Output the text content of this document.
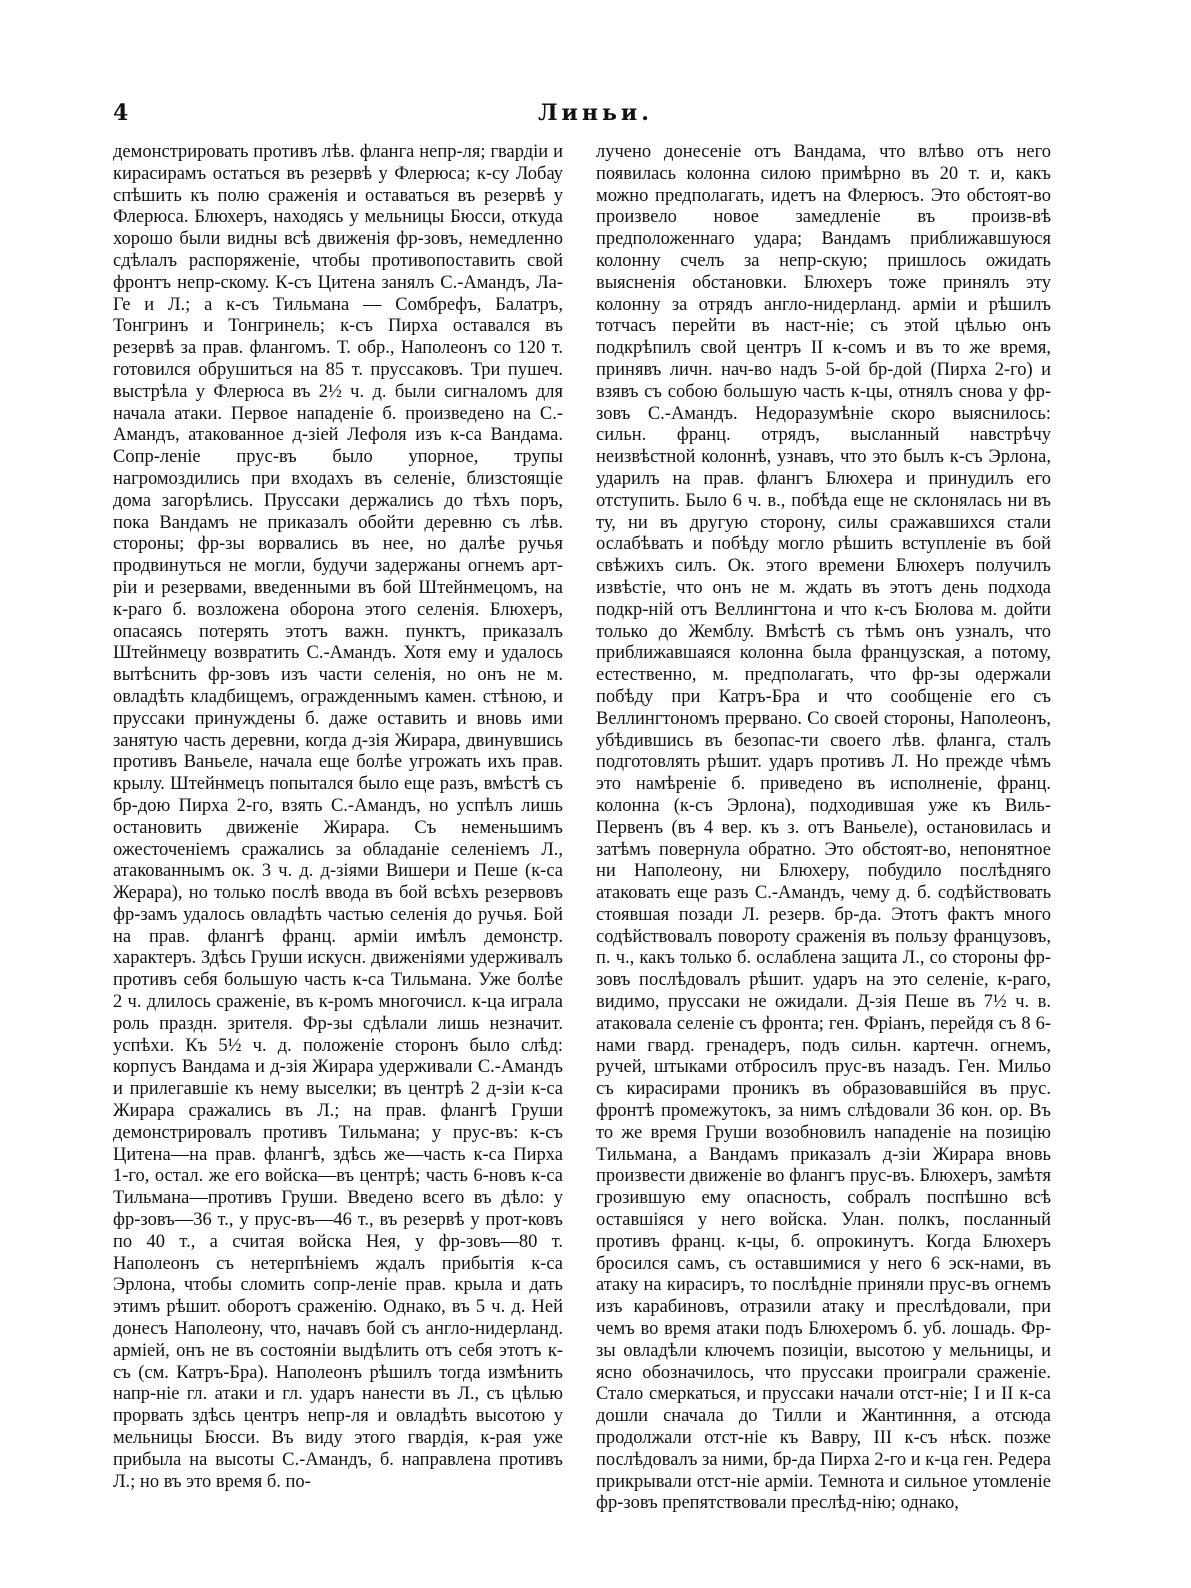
4	Линьи.
демонстрировать противъ лѣв. фланга непр-ля; гвардіи и кирасирамъ остаться въ резервѣ у Флерюса; к-су Лобау спѣшить къ полю сраженія и оставаться въ резервѣ у Флерюса. Блюхеръ, находясь у мельницы Бюсси, откуда хорошо были видны всѣ движенія фр-зовъ, немедленно сдѣлалъ распоряженіе, чтобы противопоставить свой фронтъ непр-скому. К-съ Цитена занялъ С.-Амандъ, Ла-Ге и Л.; а к-съ Тильмана — Сомбрефъ, Балатръ, Тонгринъ и Тонгринель; к-съ Пирха оставался въ резервѣ за прав. флангомъ. Т. обр., Наполеонъ со 120 т. готовился обрушиться на 85 т. пруссаковъ. Три пушеч. выстрѣла у Флерюса въ 2½ ч. д. были сигналомъ для начала атаки. Первое нападеніе б. произведено на С.-Амандъ, атакованное д-зіей Лефоля изъ к-са Вандама. Сопр-леніе прус-въ было упорное, трупы нагромоздились при входахъ въ селеніе, близстоящіе дома загорѣлись. Пруссаки держались до тѣхъ поръ, пока Вандамъ не приказалъ обойти деревню съ лѣв. стороны; фр-зы ворвались въ нее, но далѣе ручья продвинуться не могли, будучи задержаны огнемъ арт-ріи и резервами, введенными въ бой Штейнмецомъ, на к-раго б. возложена оборона этого селенія. Блюхеръ, опасаясь потерять этотъ важн. пунктъ, приказалъ Штейнмецу возвратить С.-Амандъ. Хотя ему и удалось вытѣснить фр-зовъ изъ части селенія, но онъ не м. овладѣть кладбищемъ, огражденнымъ камен. стѣною, и пруссаки принуждены б. даже оставить и вновь ими занятую часть деревни, когда д-зія Жирара, двинувшись противъ Ваньеле, начала еще болѣе угрожать ихъ прав. крылу. Штейнмецъ попытался было еще разъ, вмѣстѣ съ бр-дою Пирха 2-го, взять С.-Амандъ, но успѣлъ лишь остановить движеніе Жирара. Съ неменьшимъ ожесточеніемъ сражались за обладаніе селеніемъ Л., атакованнымъ ок. 3 ч. д. д-зіями Вишери и Пеше (к-са Жерара), но только послѣ ввода въ бой всѣхъ резервовъ фр-замъ удалось овладѣть частью селенія до ручья. Бой на прав. флангѣ франц. арміи имѣлъ демонстр. характеръ. Здѣсь Груши искусн. движеніями удерживалъ противъ себя большую часть к-са Тильмана. Уже болѣе 2 ч. длилось сраженіе, въ к-ромъ многочисл. к-ца играла роль праздн. зрителя. Фр-зы сдѣлали лишь незначит. успѣхи. Къ 5½ ч. д. положеніе сторонъ было слѣд: корпусъ Вандама и д-зія Жирара удерживали С.-Амандъ и прилегавшіе къ нему выселки; въ центрѣ 2 д-зіи к-са Жирара сражались въ Л.; на прав. флангѣ Груши демонстрировалъ противъ Тильмана; у прус-въ: к-съ Цитена—на прав. флангѣ, здѣсь же—часть к-са Пирха 1-го, остал. же его войска—въ центрѣ; часть 6-новъ к-са Тильмана—противъ Груши. Введено всего въ дѣло: у фр-зовъ—36 т., у прус-въ—46 т., въ резервѣ у прот-ковъ по 40 т., а считая войска Нея, у фр-зовъ—80 т. Наполеонъ съ нетерпѣніемъ ждалъ прибытія к-са Эрлона, чтобы сломить сопр-леніе прав. крыла и дать этимъ рѣшит. оборотъ сраженію. Однако, въ 5 ч. д. Ней донесъ Наполеону, что, начавъ бой съ англо-нидерланд. арміей, онъ не въ состояніи выдѣлить отъ себя этотъ к-съ (см. Катръ-Бра). Наполеонъ рѣшилъ тогда измѣнить напр-ніе гл. атаки и гл. ударъ нанести въ Л., съ цѣлью прорвать здѣсь центръ непр-ля и овладѣть высотою у мельницы Бюсси. Въ виду этого гвардія, к-рая уже прибыла на высоты С.-Амандъ, б. направлена противъ Л.; но въ это время б. по-
лучено донесеніе отъ Вандама, что влѣво отъ него появилась колонна силою примѣрно въ 20 т. и, какъ можно предполагать, идетъ на Флерюсъ. Это обстоят-во произвело новое замедленіе въ произв-вѣ предположеннаго удара; Вандамъ приближавшуюся колонну счелъ за непр-скую; пришлось ожидать выясненія обстановки. Блюхеръ тоже принялъ эту колонну за отрядъ англо-нидерланд. арміи и рѣшилъ тотчасъ перейти въ наст-ніе; съ этой цѣлью онъ подкрѣпилъ свой центръ II к-сомъ и въ то же время, принявъ личн. нач-во надъ 5-ой бр-дой (Пирха 2-го) и взявъ съ собою большую часть к-цы, отнялъ снова у фр-зовъ С.-Амандъ. Недоразумѣніе скоро выяснилось: сильн. франц. отрядъ, высланный навстрѣчу неизвѣстной колоннѣ, узнавъ, что это былъ к-съ Эрлона, ударилъ на прав. флангъ Блюхера и принудилъ его отступить. Было 6 ч. в., побѣда еще не склонялась ни въ ту, ни въ другую сторону, силы сражавшихся стали ослабѣвать и побѣду могло рѣшить вступленіе въ бой свѣжихъ силъ. Ок. этого времени Блюхеръ получилъ извѣстіе, что онъ не м. ждать въ этотъ день подхода подкр-ній отъ Веллингтона и что к-съ Бюлова м. дойти только до Жемблу. Вмѣстѣ съ тѣмъ онъ узналъ, что приближавшаяся колонна была французская, а потому, естественно, м. предполагать, что фр-зы одержали побѣду при Катръ-Бра и что сообщеніе его съ Веллингтономъ прервано. Со своей стороны, Наполеонъ, убѣдившись въ безопас-ти своего лѣв. фланга, сталъ подготовлять рѣшит. ударъ противъ Л. Но прежде чѣмъ это намѣреніе б. приведено въ исполненіе, франц. колонна (к-съ Эрлона), подходившая уже къ Виль-Первенъ (въ 4 вер. къ з. отъ Ваньеле), остановилась и затѣмъ повернула обратно. Это обстоят-во, непонятное ни Наполеону, ни Блюхеру, побудило послѣдняго атаковать еще разъ С.-Амандъ, чему д. б. содѣйствовать стоявшая позади Л. резерв. бр-да. Этотъ фактъ много содѣйствовалъ повороту сраженія въ пользу французовъ, п. ч., какъ только б. ослаблена защита Л., со стороны фр-зовъ послѣдовалъ рѣшит. ударъ на это селеніе, к-раго, видимо, пруссаки не ожидали. Д-зія Пеше въ 7½ ч. в. атаковала селеніе съ фронта; ген. Фріанъ, перейдя съ 8 6-нами гвард. гренадеръ, подъ сильн. картечн. огнемъ, ручей, штыками отбросилъ прус-въ назадъ. Ген. Мильо съ кирасирами проникъ въ образовавшійся въ прус. фронтѣ промежутокъ, за нимъ слѣдовали 36 кон. ор. Въ то же время Груши возобновилъ нападеніе на позицію Тильмана, а Вандамъ приказалъ д-зіи Жирара вновь произвести движеніе во флангъ прус-въ. Блюхеръ, замѣтя грозившую ему опасность, собралъ поспѣшно всѣ оставшіяся у него войска. Улан. полкъ, посланный противъ франц. к-цы, б. опрокинутъ. Когда Блюхеръ бросился самъ, съ оставшимися у него 6 эск-нами, въ атаку на кирасиръ, то послѣдніе приняли прус-въ огнемъ изъ карабиновъ, отразили атаку и преслѣдовали, при чемъ во время атаки подъ Блюхеромъ б. уб. лошадь. Фр-зы овладѣли ключемъ позиціи, высотою у мельницы, и ясно обозначилось, что пруссаки проиграли сраженіе. Стало смеркаться, и пруссаки начали отст-ніе; I и II к-са дошли сначала до Тилли и Жантинння, а отсюда продолжали отст-ніе къ Вавру, III к-съ нѣск. позже послѣдовалъ за ними, бр-да Пирха 2-го и к-ца ген. Редера прикрывали отст-ніе арміи. Темнота и сильное утомленіе фр-зовъ препятствовали преслѣд-нію; однако,
